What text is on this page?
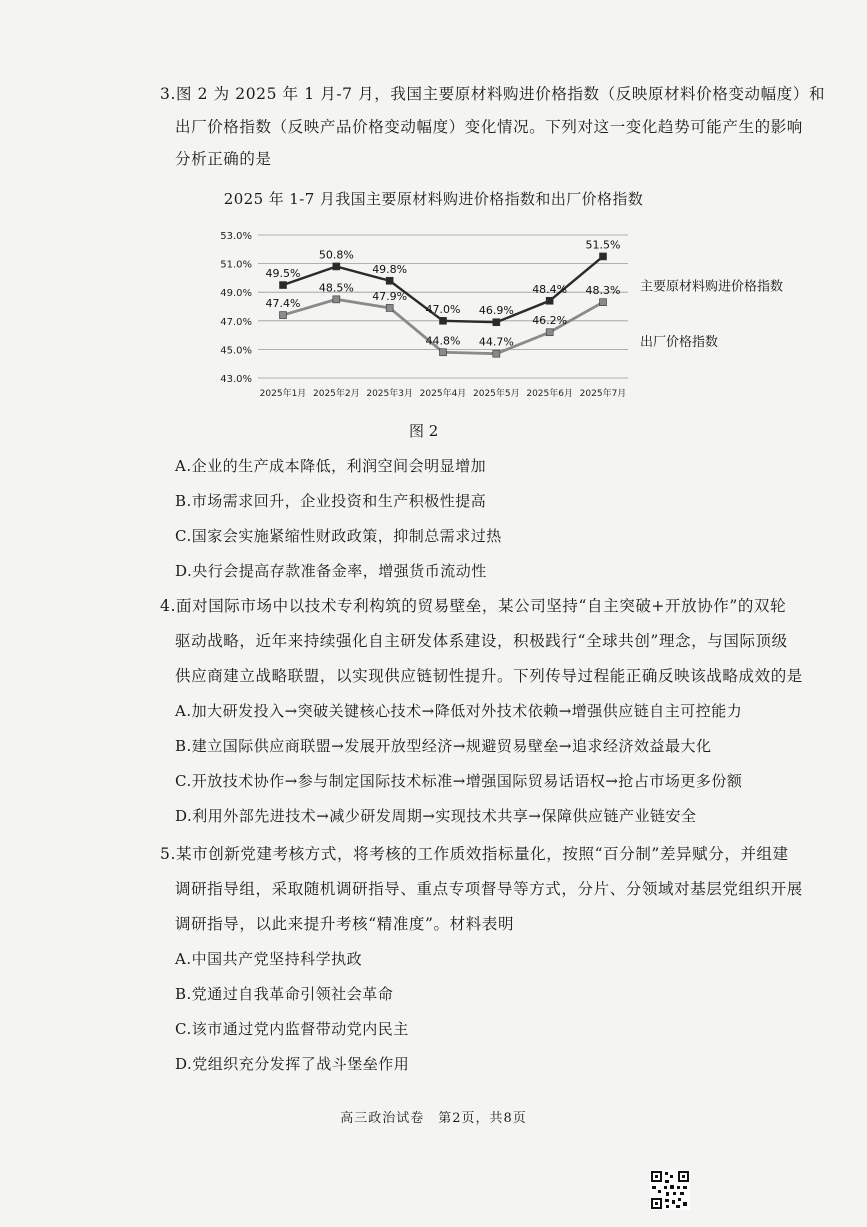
3.图 2 为 2025 年 1 月-7 月，我国主要原材料购进价格指数（反映原材料价格变动幅度）和
出厂价格指数（反映产品价格变动幅度）变化情况。下列对这一变化趋势可能产生的影响
分析正确的是
2025 年 1-7 月我国主要原材料购进价格指数和出厂价格指数
43.0%
45.0%
47.0%
49.0%
51.0%
53.0%
2025年1月 2025年2月 2025年3月 2025年4月 2025年5月 2025年6月 2025年7月
49.5%
50.8%
49.8%
47.0% 46.9%
48.4%
51.5%
47.4%
48.5%
47.9%
44.8% 44.7%
46.2%
48.3% 主要原材料购进价格指数
出厂价格指数
图 2
A.企业的生产成本降低，利润空间会明显增加
B.市场需求回升，企业投资和生产积极性提高
C.国家会实施紧缩性财政政策，抑制总需求过热
D.央行会提高存款准备金率，增强货币流动性
4.面对国际市场中以技术专利构筑的贸易壁垒，某公司坚持“自主突破+开放协作”的双轮
驱动战略，近年来持续强化自主研发体系建设，积极践行“全球共创”理念，与国际顶级
供应商建立战略联盟，以实现供应链韧性提升。下列传导过程能正确反映该战略成效的是
A.加大研发投入→突破关键核心技术→降低对外技术依赖→增强供应链自主可控能力
B.建立国际供应商联盟→发展开放型经济→规避贸易壁垒→追求经济效益最大化
C.开放技术协作→参与制定国际技术标准→增强国际贸易话语权→抢占市场更多份额
D.利用外部先进技术→减少研发周期→实现技术共享→保障供应链产业链安全
5.某市创新党建考核方式，将考核的工作质效指标量化，按照“百分制”差异赋分，并组建
调研指导组，采取随机调研指导、重点专项督导等方式，分片、分领域对基层党组织开展
调研指导，以此来提升考核“精准度”。材料表明
A.中国共产党坚持科学执政
B.党通过自我革命引领社会革命
C.该市通过党内监督带动党内民主
D.党组织充分发挥了战斗堡垒作用
高三政治试卷　第2页，共8页
